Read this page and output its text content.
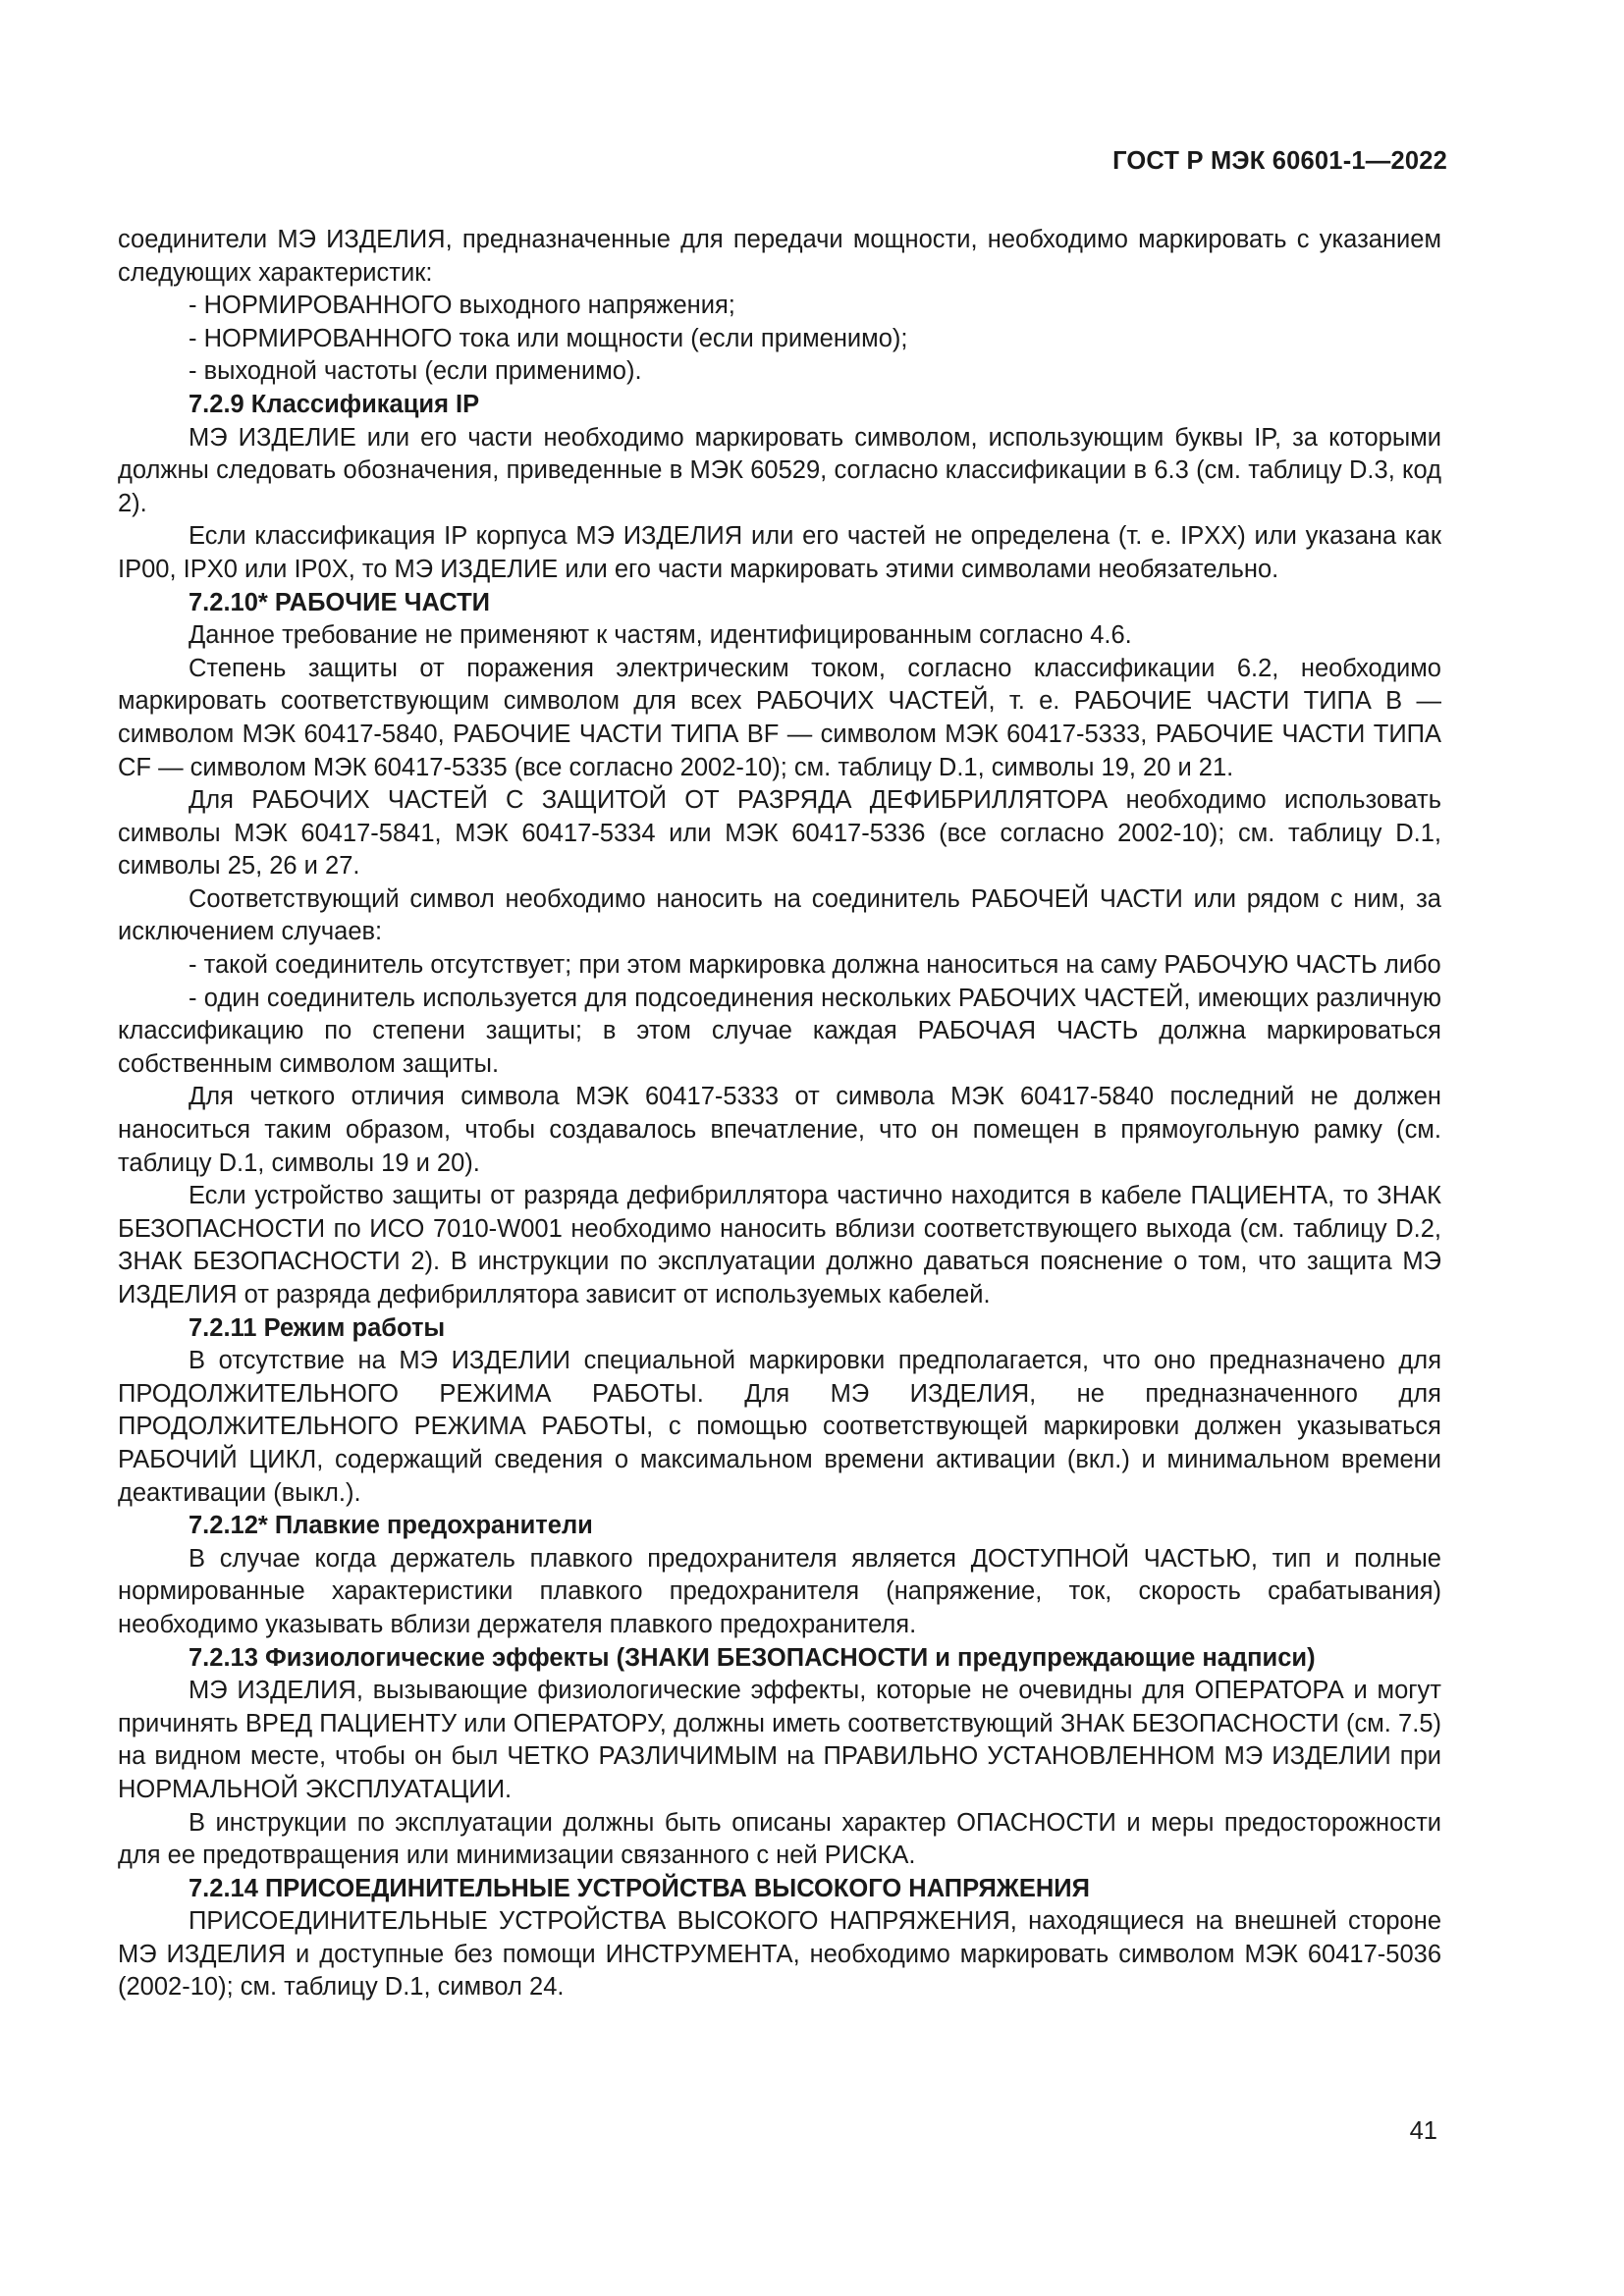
ГОСТ Р МЭК 60601-1—2022

соединители МЭ ИЗДЕЛИЯ, предназначенные для передачи мощности, необходимо маркировать с указанием следующих характеристик:

- НОРМИРОВАННОГО выходного напряжения;

- НОРМИРОВАННОГО тока или мощности (если применимо);

- выходной частоты (если применимо).

7.2.9 Классификация IP

МЭ ИЗДЕЛИЕ или его части необходимо маркировать символом, использующим буквы IP, за которыми должны следовать обозначения, приведенные в МЭК 60529, согласно классификации в 6.3 (см. таблицу D.3, код 2).

Если классификация IP корпуса МЭ ИЗДЕЛИЯ или его частей не определена (т. е. IPXX) или указана как IP00, IPX0 или IP0X, то МЭ ИЗДЕЛИЕ или его части маркировать этими символами необязательно.

7.2.10* РАБОЧИЕ ЧАСТИ

Данное требование не применяют к частям, идентифицированным согласно 4.6.

Степень защиты от поражения электрическим током, согласно классификации 6.2, необходимо маркировать соответствующим символом для всех РАБОЧИХ ЧАСТЕЙ, т. е. РАБОЧИЕ ЧАСТИ ТИПА В — символом МЭК 60417-5840, РАБОЧИЕ ЧАСТИ ТИПА BF — символом МЭК 60417-5333, РАБОЧИЕ ЧАСТИ ТИПА CF — символом МЭК 60417-5335 (все согласно 2002-10); см. таблицу D.1, символы 19, 20 и 21.

Для РАБОЧИХ ЧАСТЕЙ С ЗАЩИТОЙ ОТ РАЗРЯДА ДЕФИБРИЛЛЯТОРА необходимо использовать символы МЭК 60417-5841, МЭК 60417-5334 или МЭК 60417-5336 (все согласно 2002-10); см. таблицу D.1, символы 25, 26 и 27.

Соответствующий символ необходимо наносить на соединитель РАБОЧЕЙ ЧАСТИ или рядом с ним, за исключением случаев:

- такой соединитель отсутствует; при этом маркировка должна наноситься на саму РАБОЧУЮ ЧАСТЬ либо

- один соединитель используется для подсоединения нескольких РАБОЧИХ ЧАСТЕЙ, имеющих различную классификацию по степени защиты; в этом случае каждая РАБОЧАЯ ЧАСТЬ должна маркироваться собственным символом защиты.

Для четкого отличия символа МЭК 60417-5333 от символа МЭК 60417-5840 последний не должен наноситься таким образом, чтобы создавалось впечатление, что он помещен в прямоугольную рамку (см. таблицу D.1, символы 19 и 20).

Если устройство защиты от разряда дефибриллятора частично находится в кабеле ПАЦИЕНТА, то ЗНАК БЕЗОПАСНОСТИ по ИСО 7010-W001 необходимо наносить вблизи соответствующего выхода (см. таблицу D.2, ЗНАК БЕЗОПАСНОСТИ 2). В инструкции по эксплуатации должно даваться пояснение о том, что защита МЭ ИЗДЕЛИЯ от разряда дефибриллятора зависит от используемых кабелей.

7.2.11 Режим работы

В отсутствие на МЭ ИЗДЕЛИИ специальной маркировки предполагается, что оно предназначено для ПРОДОЛЖИТЕЛЬНОГО РЕЖИМА РАБОТЫ. Для МЭ ИЗДЕЛИЯ, не предназначенного для ПРОДОЛЖИТЕЛЬНОГО РЕЖИМА РАБОТЫ, с помощью соответствующей маркировки должен указываться РАБОЧИЙ ЦИКЛ, содержащий сведения о максимальном времени активации (вкл.) и минимальном времени деактивации (выкл.).

7.2.12* Плавкие предохранители

В случае когда держатель плавкого предохранителя является ДОСТУПНОЙ ЧАСТЬЮ, тип и полные нормированные характеристики плавкого предохранителя (напряжение, ток, скорость срабатывания) необходимо указывать вблизи держателя плавкого предохранителя.

7.2.13 Физиологические эффекты (ЗНАКИ БЕЗОПАСНОСТИ и предупреждающие надписи)

МЭ ИЗДЕЛИЯ, вызывающие физиологические эффекты, которые не очевидны для ОПЕРАТОРА и могут причинять ВРЕД ПАЦИЕНТУ или ОПЕРАТОРУ, должны иметь соответствующий ЗНАК БЕЗОПАСНОСТИ (см. 7.5) на видном месте, чтобы он был ЧЕТКО РАЗЛИЧИМЫМ на ПРАВИЛЬНО УСТАНОВЛЕННОМ МЭ ИЗДЕЛИИ при НОРМАЛЬНОЙ ЭКСПЛУАТАЦИИ.

В инструкции по эксплуатации должны быть описаны характер ОПАСНОСТИ и меры предосторожности для ее предотвращения или минимизации связанного с ней РИСКА.

7.2.14 ПРИСОЕДИНИТЕЛЬНЫЕ УСТРОЙСТВА ВЫСОКОГО НАПРЯЖЕНИЯ

ПРИСОЕДИНИТЕЛЬНЫЕ УСТРОЙСТВА ВЫСОКОГО НАПРЯЖЕНИЯ, находящиеся на внешней стороне МЭ ИЗДЕЛИЯ и доступные без помощи ИНСТРУМЕНТА, необходимо маркировать символом МЭК 60417-5036 (2002-10); см. таблицу D.1, символ 24.

41
